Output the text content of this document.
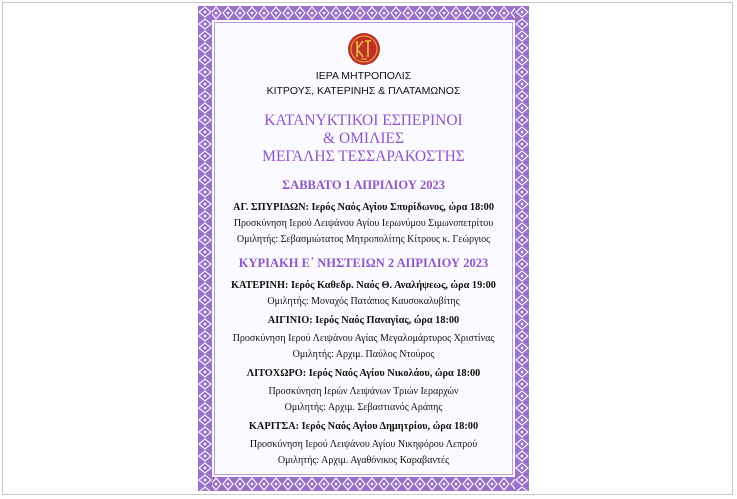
ΙΕΡΑ ΜΗΤΡΟΠΟΛΙΣ
ΚΙΤΡΟΥΣ, ΚΑΤΕΡΙΝΗΣ & ΠΛΑΤΑΜΩΝΟΣ
ΚΑΤΑΝΥΚΤΙΚΟΙ ΕΣΠΕΡΙΝΟΙ
& ΟΜΙΛΙΕΣ
ΜΕΓΑΛΗΣ ΤΕΣΣΑΡΑΚΟΣΤΗΣ
ΣΑΒΒΑΤΟ 1 ΑΠΡΙΛΙΟΥ 2023
ΑΓ. ΣΠΥΡΙΔΩΝ: Ιερός Ναός Αγίου Σπυρίδωνος, ώρα 18:00
Προσκύνηση Ιερού Λειψάνου Αγίου Ιερωνύμου Σιμωνοπετρίτου
Ομιλητής: Σεβασμιώτατος Μητροπολίτης Κίτρους κ. Γεώργιος
ΚΥΡΙΑΚΗ Ε΄ ΝΗΣΤΕΙΩΝ 2 ΑΠΡΙΛΙΟΥ 2023
ΚΑΤΕΡΙΝΗ: Ιερός Καθεδρ. Ναός Θ. Αναλήψεως, ώρα 19:00
Ομιλητής: Μοναχός Πατάπιος Καυσοκαλυβίτης
ΑΙΓΙΝΙΟ: Ιερός Ναός Παναγίας, ώρα 18:00
Προσκύνηση Ιερού Λειψάνου Αγίας Μεγαλομάρτυρος Χριστίνας
Ομιλητής: Αρχιμ. Παύλος Ντούρος
ΛΙΤΟΧΩΡΟ: Ιερός Ναός Αγίου Νικολάου, ώρα 18:00
Προσκύνηση Ιερών Λειψάνων Τριών Ιεραρχών
Ομιλητής: Αρχιμ. Σεβαστιανός Αράπης
ΚΑΡΙΤΣΑ: Ιερός Ναός Αγίου Δημητρίου, ώρα 18:00
Προσκύνηση Ιερού Λειψάνου Αγίου Νικηφόρου Λεπρού
Ομιλητής: Αρχιμ. Αγαθόνικος Καραβαντές
